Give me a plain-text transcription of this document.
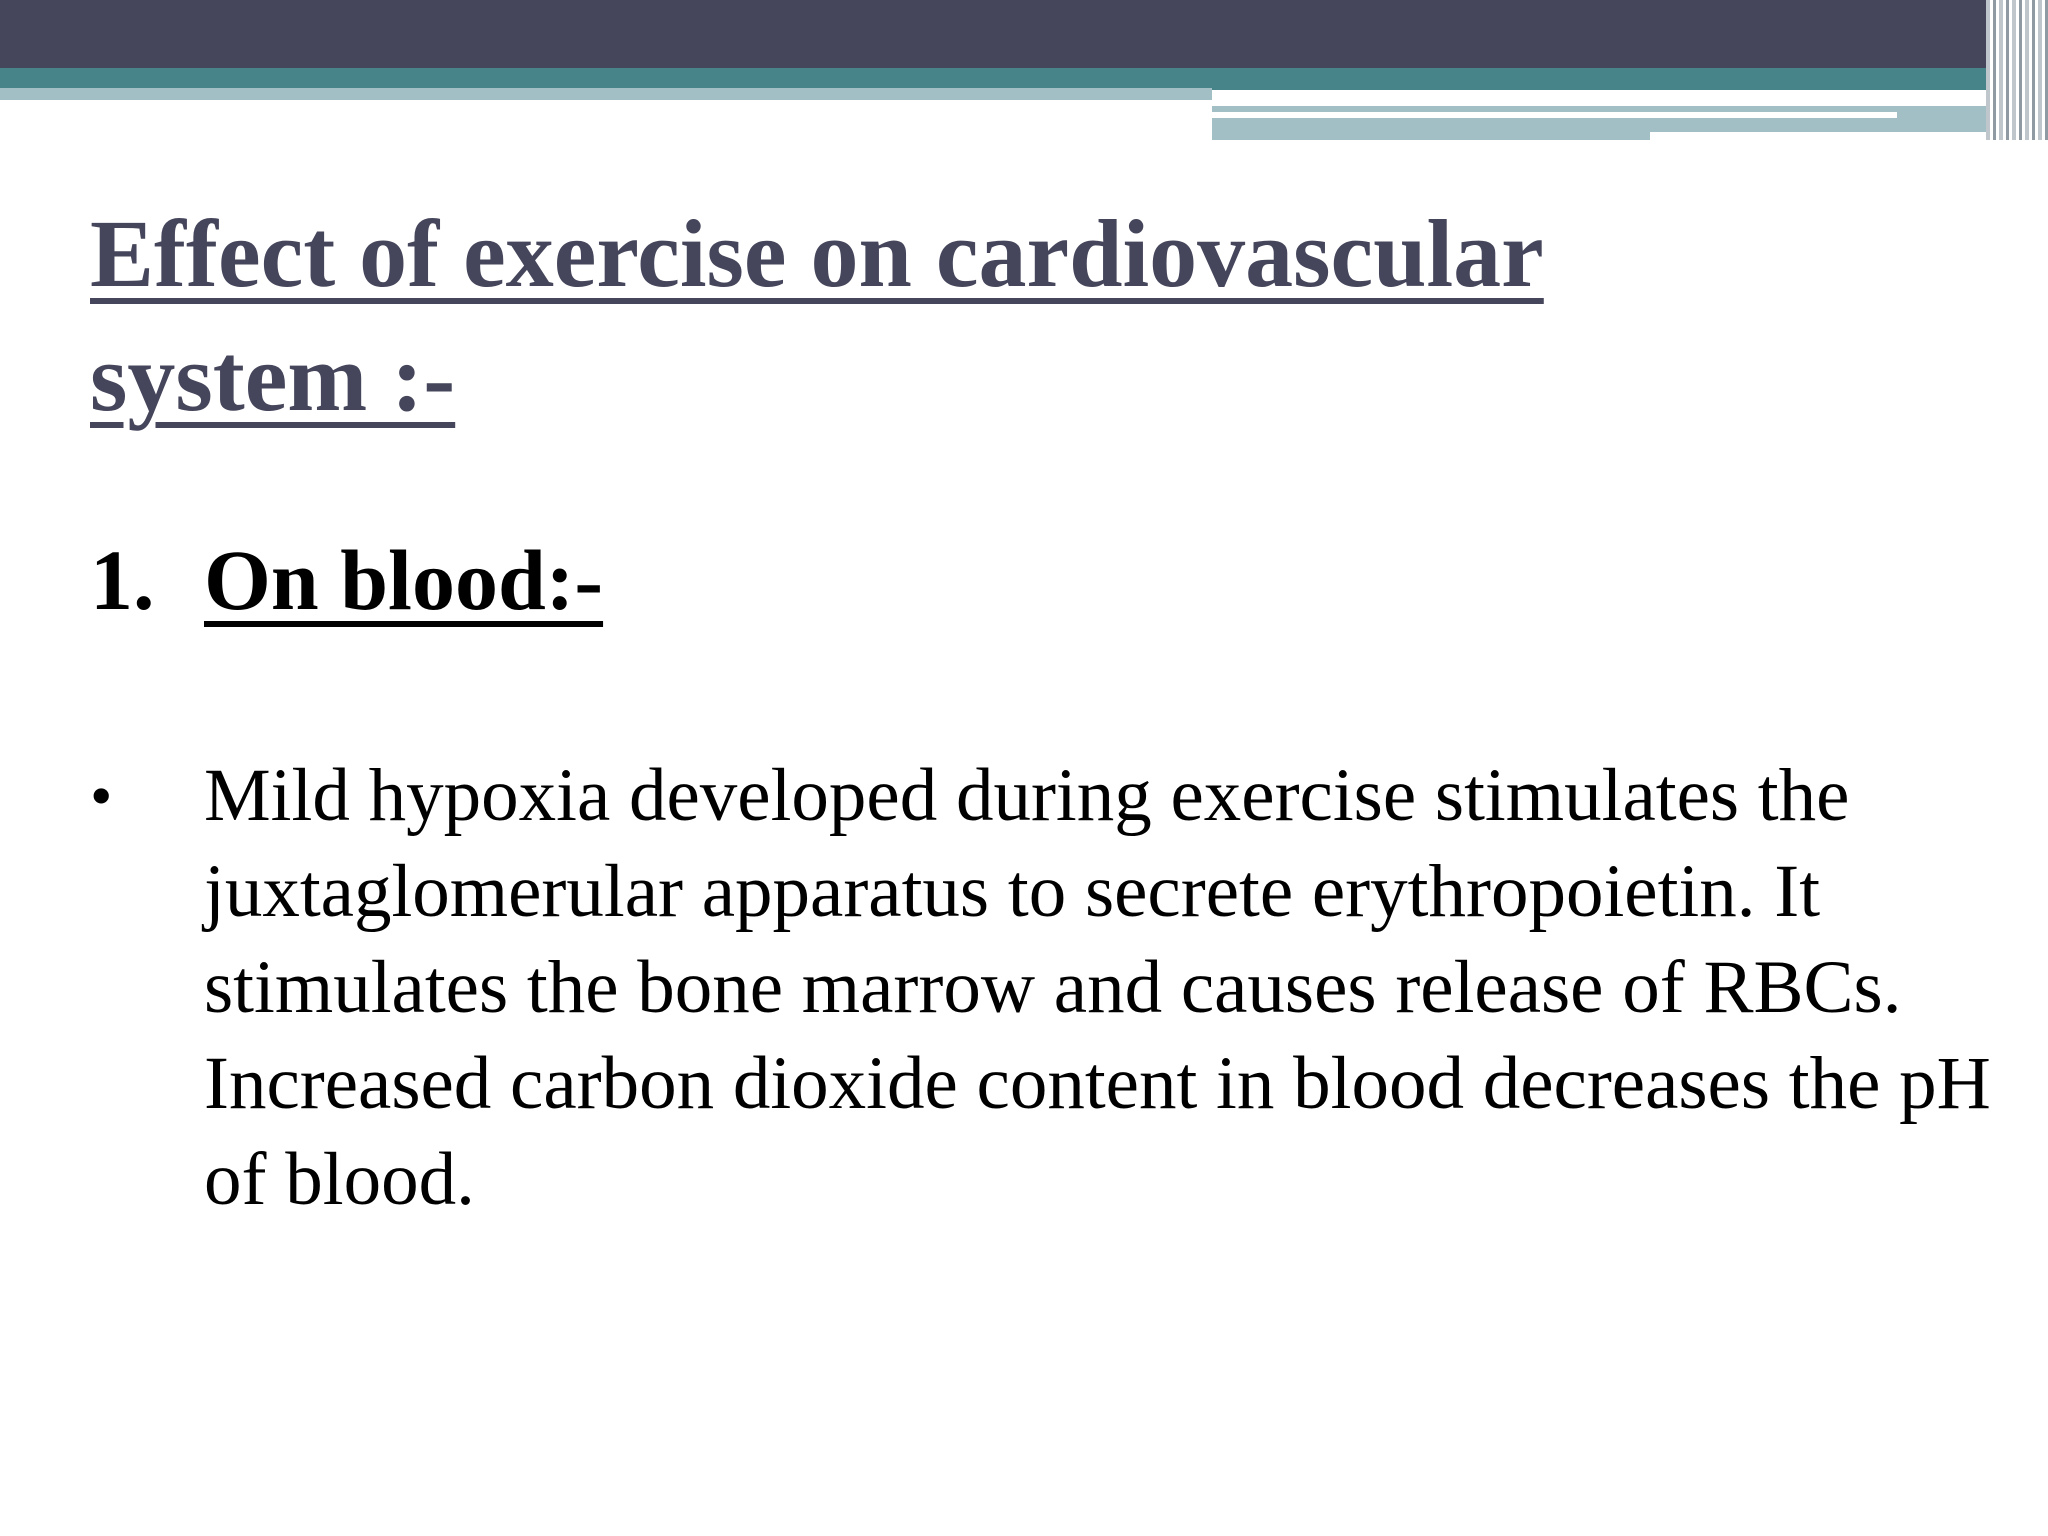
Effect of exercise on cardiovascular system :-
1. On blood:-
• Mild hypoxia developed during exercise stimulates the juxtaglomerular apparatus to secrete erythropoietin. It stimulates the bone marrow and causes release of RBCs. Increased carbon dioxide content in blood decreases the pH of blood.
